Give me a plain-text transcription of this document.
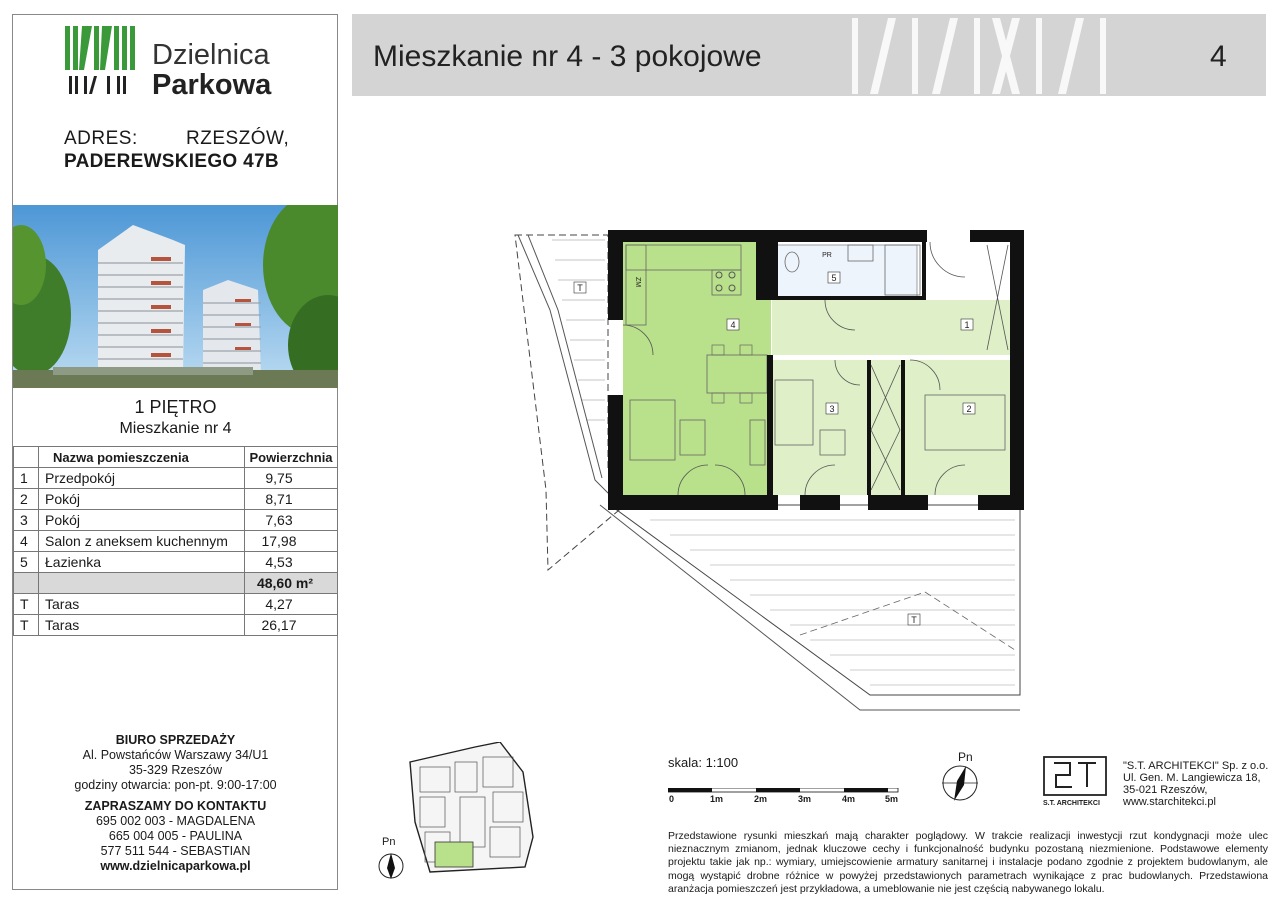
Dzielnica
Parkowa
ADRES:	RZESZÓW,
PADEREWSKIEGO 47B
1 PIĘTRO
Mieszkanie nr 4
	Nazwa pomieszczenia	Powierzchnia
1	Przedpokój	9,75
2	Pokój	8,71
3	Pokój	7,63
4	Salon z aneksem kuchennym	17,98
5	Łazienka	4,53
		48,60 m²
T	Taras	4,27
T	Taras	26,17
BIURO SPRZEDAŻY
Al. Powstańców Warszawy 34/U1
35-329 Rzeszów
godziny otwarcia: pon-pt. 9:00-17:00
ZAPRASZAMY DO KONTAKTU
695 002 003 - MAGDALENA
665 004 005 - PAULINA
577 511 544 - SEBASTIAN
www.dzielnicaparkowa.pl
Mieszkanie nr 4 - 3 pokojowe	4
4	1
3	2
5
PR
ZM
T
T
Pn
skala: 1:100
0	1m	2m	3m	4m	5m
Pn
S.T. ARCHITEKCI
"S.T. ARCHITEKCI" Sp. z o.o.
Ul. Gen. M. Langiewicza 18,
35-021 Rzeszów,
www.starchitekci.pl
Przedstawione rysunki mieszkań mają charakter poglądowy. W trakcie realizacji inwestycji rzut kondygnacji może ulec nieznacznym zmianom, jednak kluczowe cechy i funkcjonalność budynku pozostaną niezmienione. Podstawowe elementy projektu takie jak np.: wymiary, umiejscowienie armatury sanitarnej i instalacje podano zgodnie z projektem budowlanym, ale mogą wystąpić drobne różnice w powyżej przedstawionych parametrach wynikające z prac budowlanych. Przedstawiona aranżacja pomieszczeń jest przykładowa, a umeblowanie nie jest częścią nabywanego lokalu.
